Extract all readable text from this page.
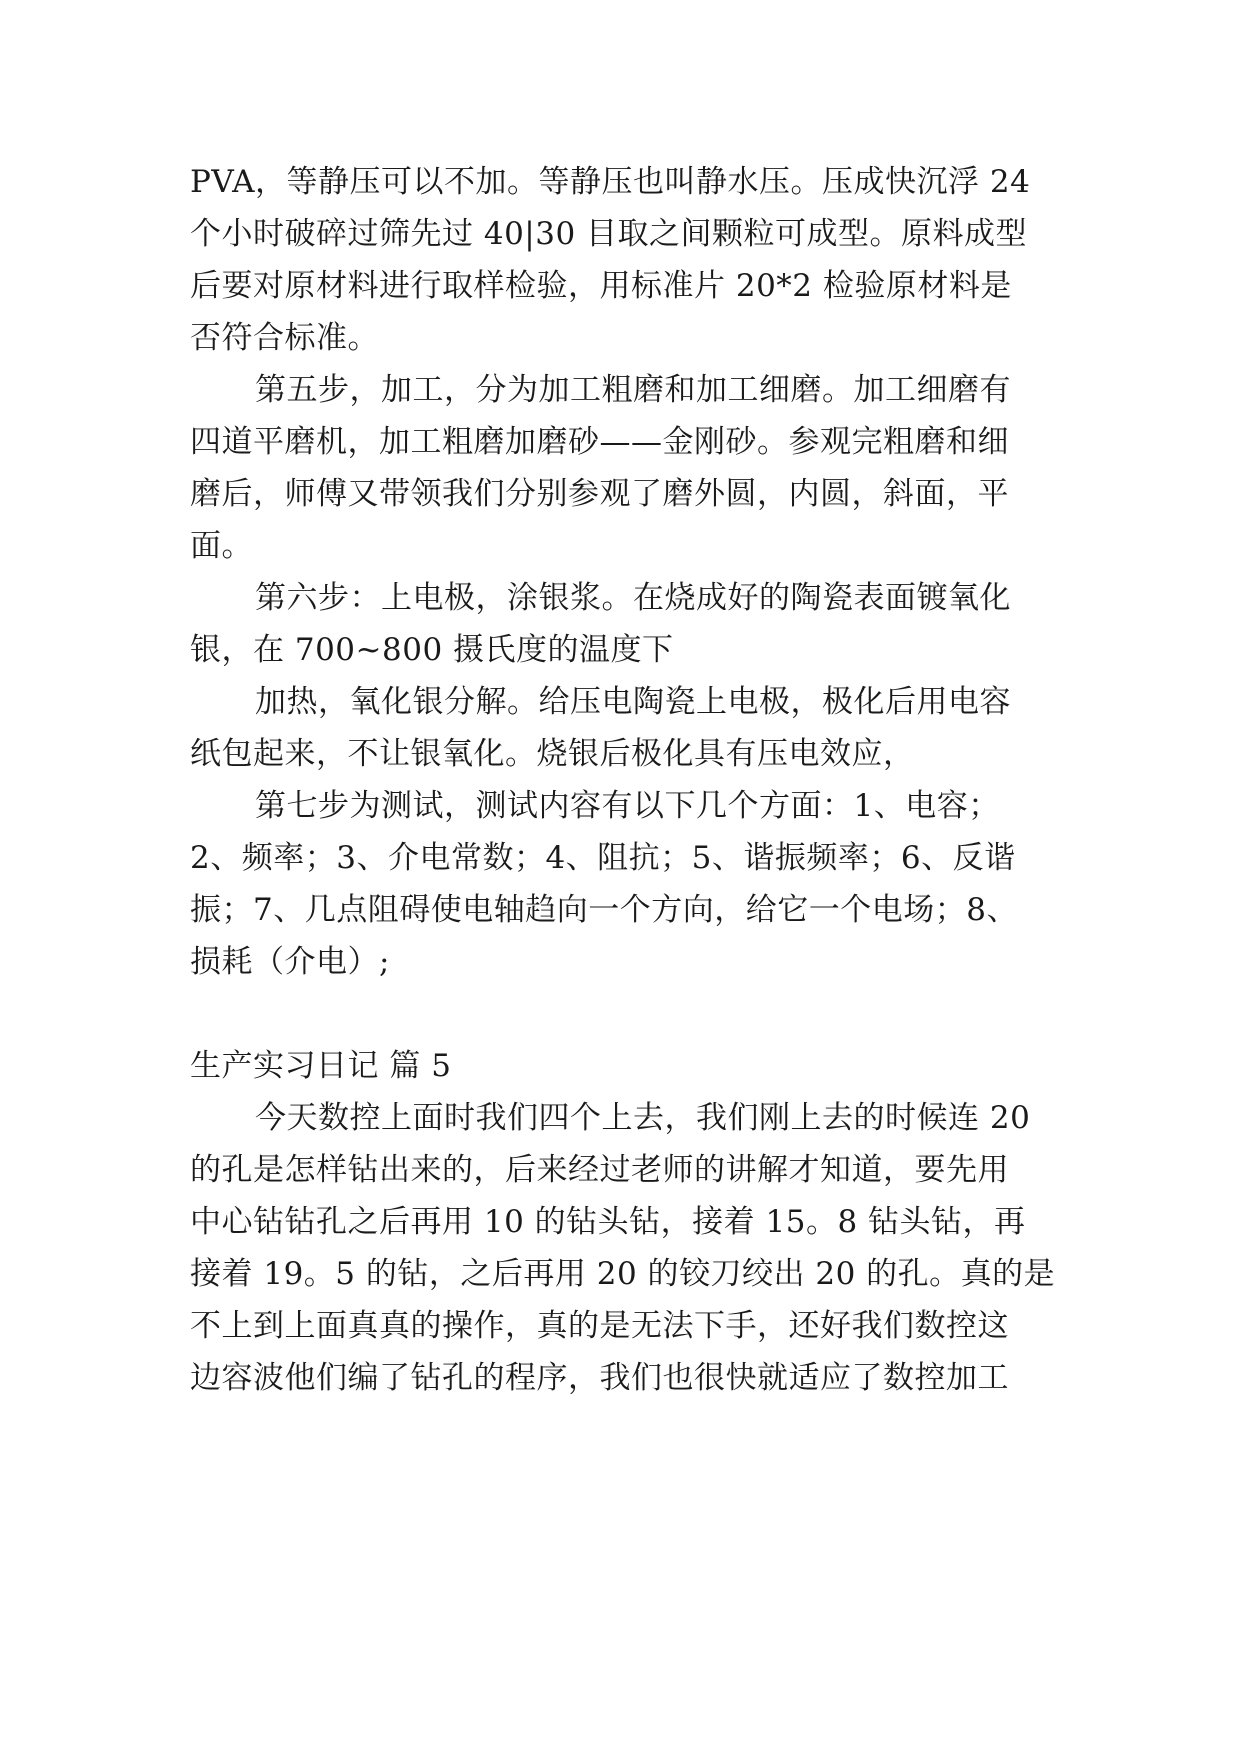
PVA，等静压可以不加。等静压也叫静水压。压成快沉浮 24
个小时破碎过筛先过 40|30 目取之间颗粒可成型。原料成型
后要对原材料进行取样检验，用标准片 20*2 检验原材料是
否符合标准。
第五步，加工，分为加工粗磨和加工细磨。加工细磨有
四道平磨机，加工粗磨加磨砂——金刚砂。参观完粗磨和细
磨后，师傅又带领我们分别参观了磨外圆，内圆，斜面，平
面。
第六步：上电极，涂银浆。在烧成好的陶瓷表面镀氧化
银，在 700~800 摄氏度的温度下
加热，氧化银分解。给压电陶瓷上电极，极化后用电容
纸包起来，不让银氧化。烧银后极化具有压电效应，
第七步为测试，测试内容有以下几个方面：1、电容；
2、频率；3、介电常数；4、阻抗；5、谐振频率；6、反谐
振；7、几点阻碍使电轴趋向一个方向，给它一个电场；8、
损耗（介电）;
生产实习日记 篇 5
今天数控上面时我们四个上去，我们刚上去的时候连 20
的孔是怎样钻出来的，后来经过老师的讲解才知道，要先用
中心钻钻孔之后再用 10 的钻头钻，接着 15。8 钻头钻，再
接着 19。5 的钻，之后再用 20 的铰刀绞出 20 的孔。真的是
不上到上面真真的操作，真的是无法下手，还好我们数控这
边容波他们编了钻孔的程序，我们也很快就适应了数控加工
